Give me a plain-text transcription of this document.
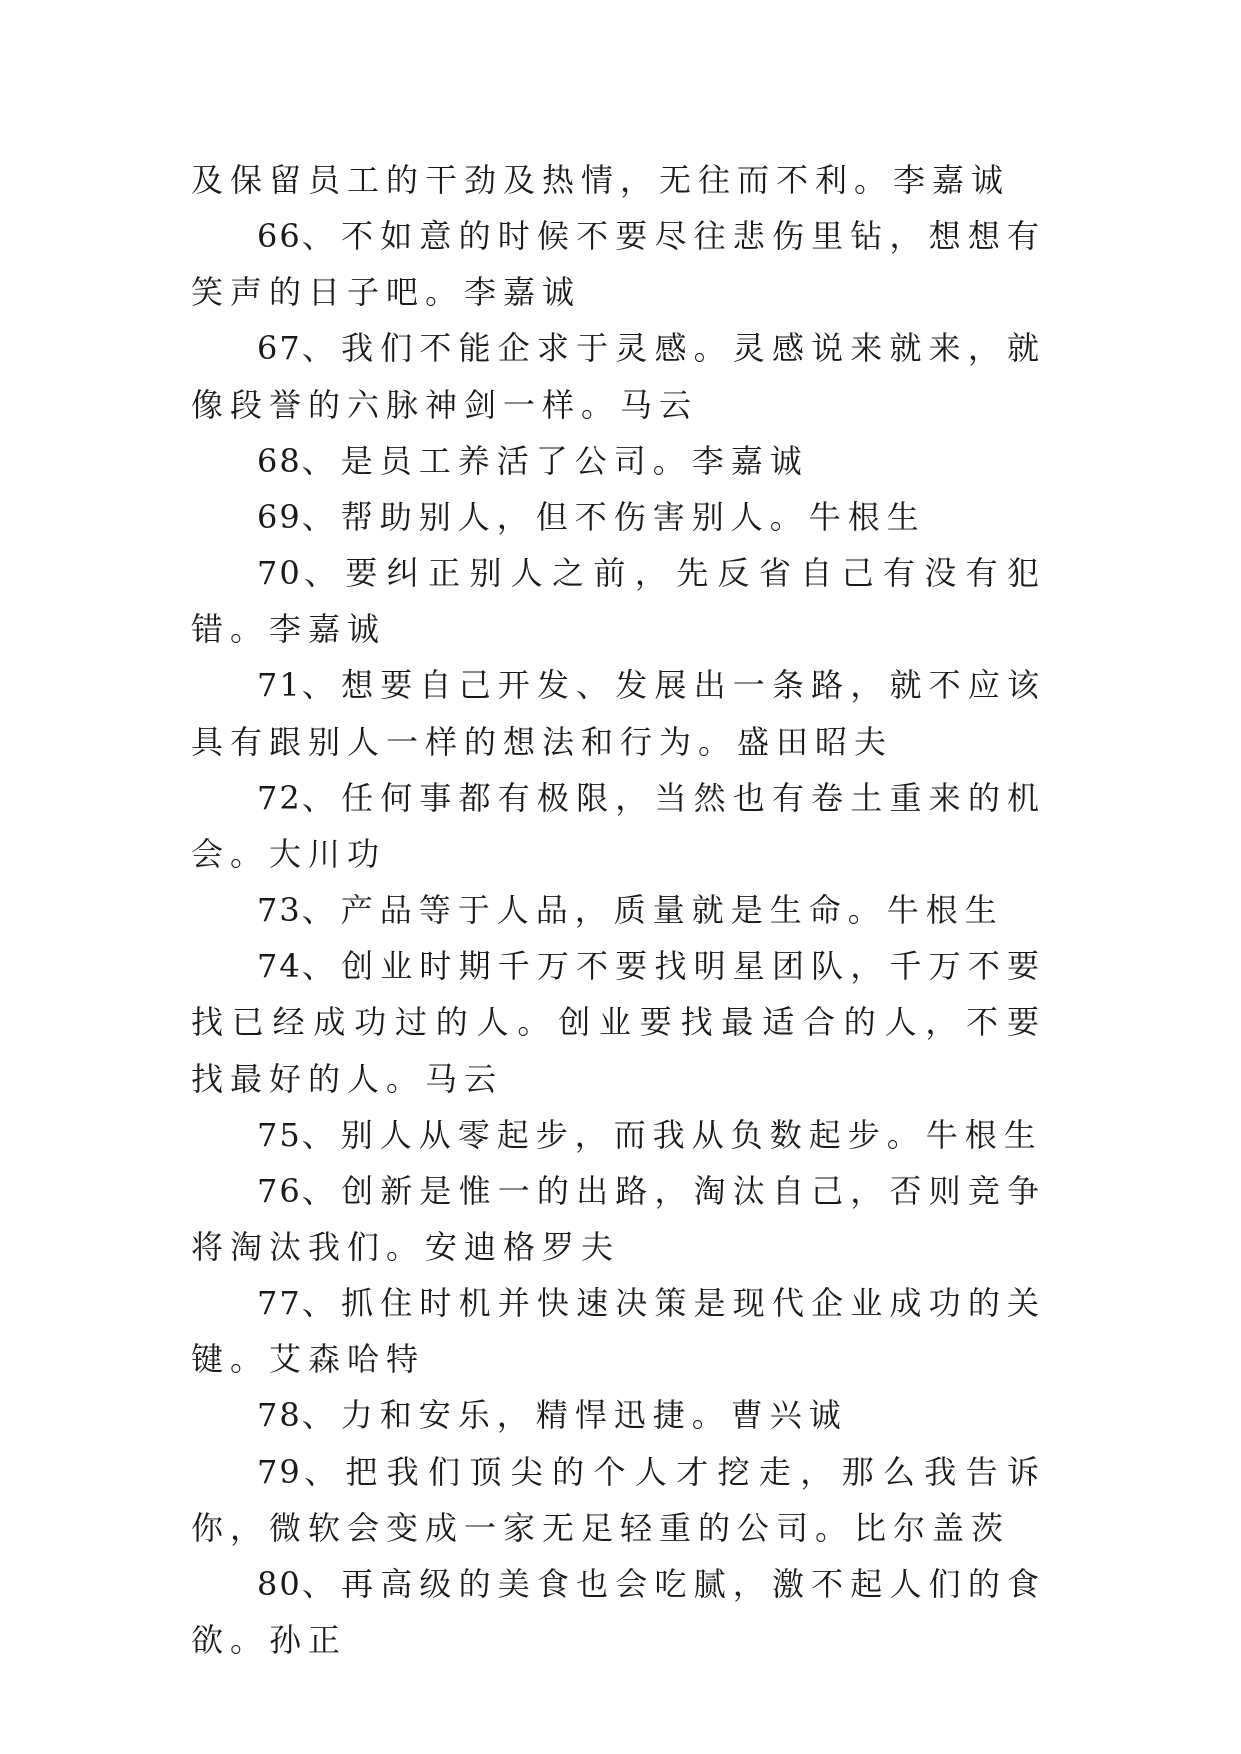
及保留员工的干劲及热情，无往而不利。李嘉诚

66、不如意的时候不要尽往悲伤里钻，想想有笑声的日子吧。李嘉诚

67、我们不能企求于灵感。灵感说来就来，就像段誉的六脉神剑一样。马云

68、是员工养活了公司。李嘉诚

69、帮助别人，但不伤害别人。牛根生

70、要纠正别人之前，先反省自己有没有犯错。李嘉诚

71、想要自己开发、发展出一条路，就不应该具有跟别人一样的想法和行为。盛田昭夫

72、任何事都有极限，当然也有卷土重来的机会。大川功

73、产品等于人品，质量就是生命。牛根生

74、创业时期千万不要找明星团队，千万不要找已经成功过的人。创业要找最适合的人，不要找最好的人。马云

75、别人从零起步，而我从负数起步。牛根生

76、创新是惟一的出路，淘汰自己，否则竞争将淘汰我们。安迪格罗夫

77、抓住时机并快速决策是现代企业成功的关键。艾森哈特

78、力和安乐，精悍迅捷。曹兴诚

79、把我们顶尖的个人才挖走，那么我告诉你，微软会变成一家无足轻重的公司。比尔盖茨

80、再高级的美食也会吃腻，激不起人们的食欲。孙正
